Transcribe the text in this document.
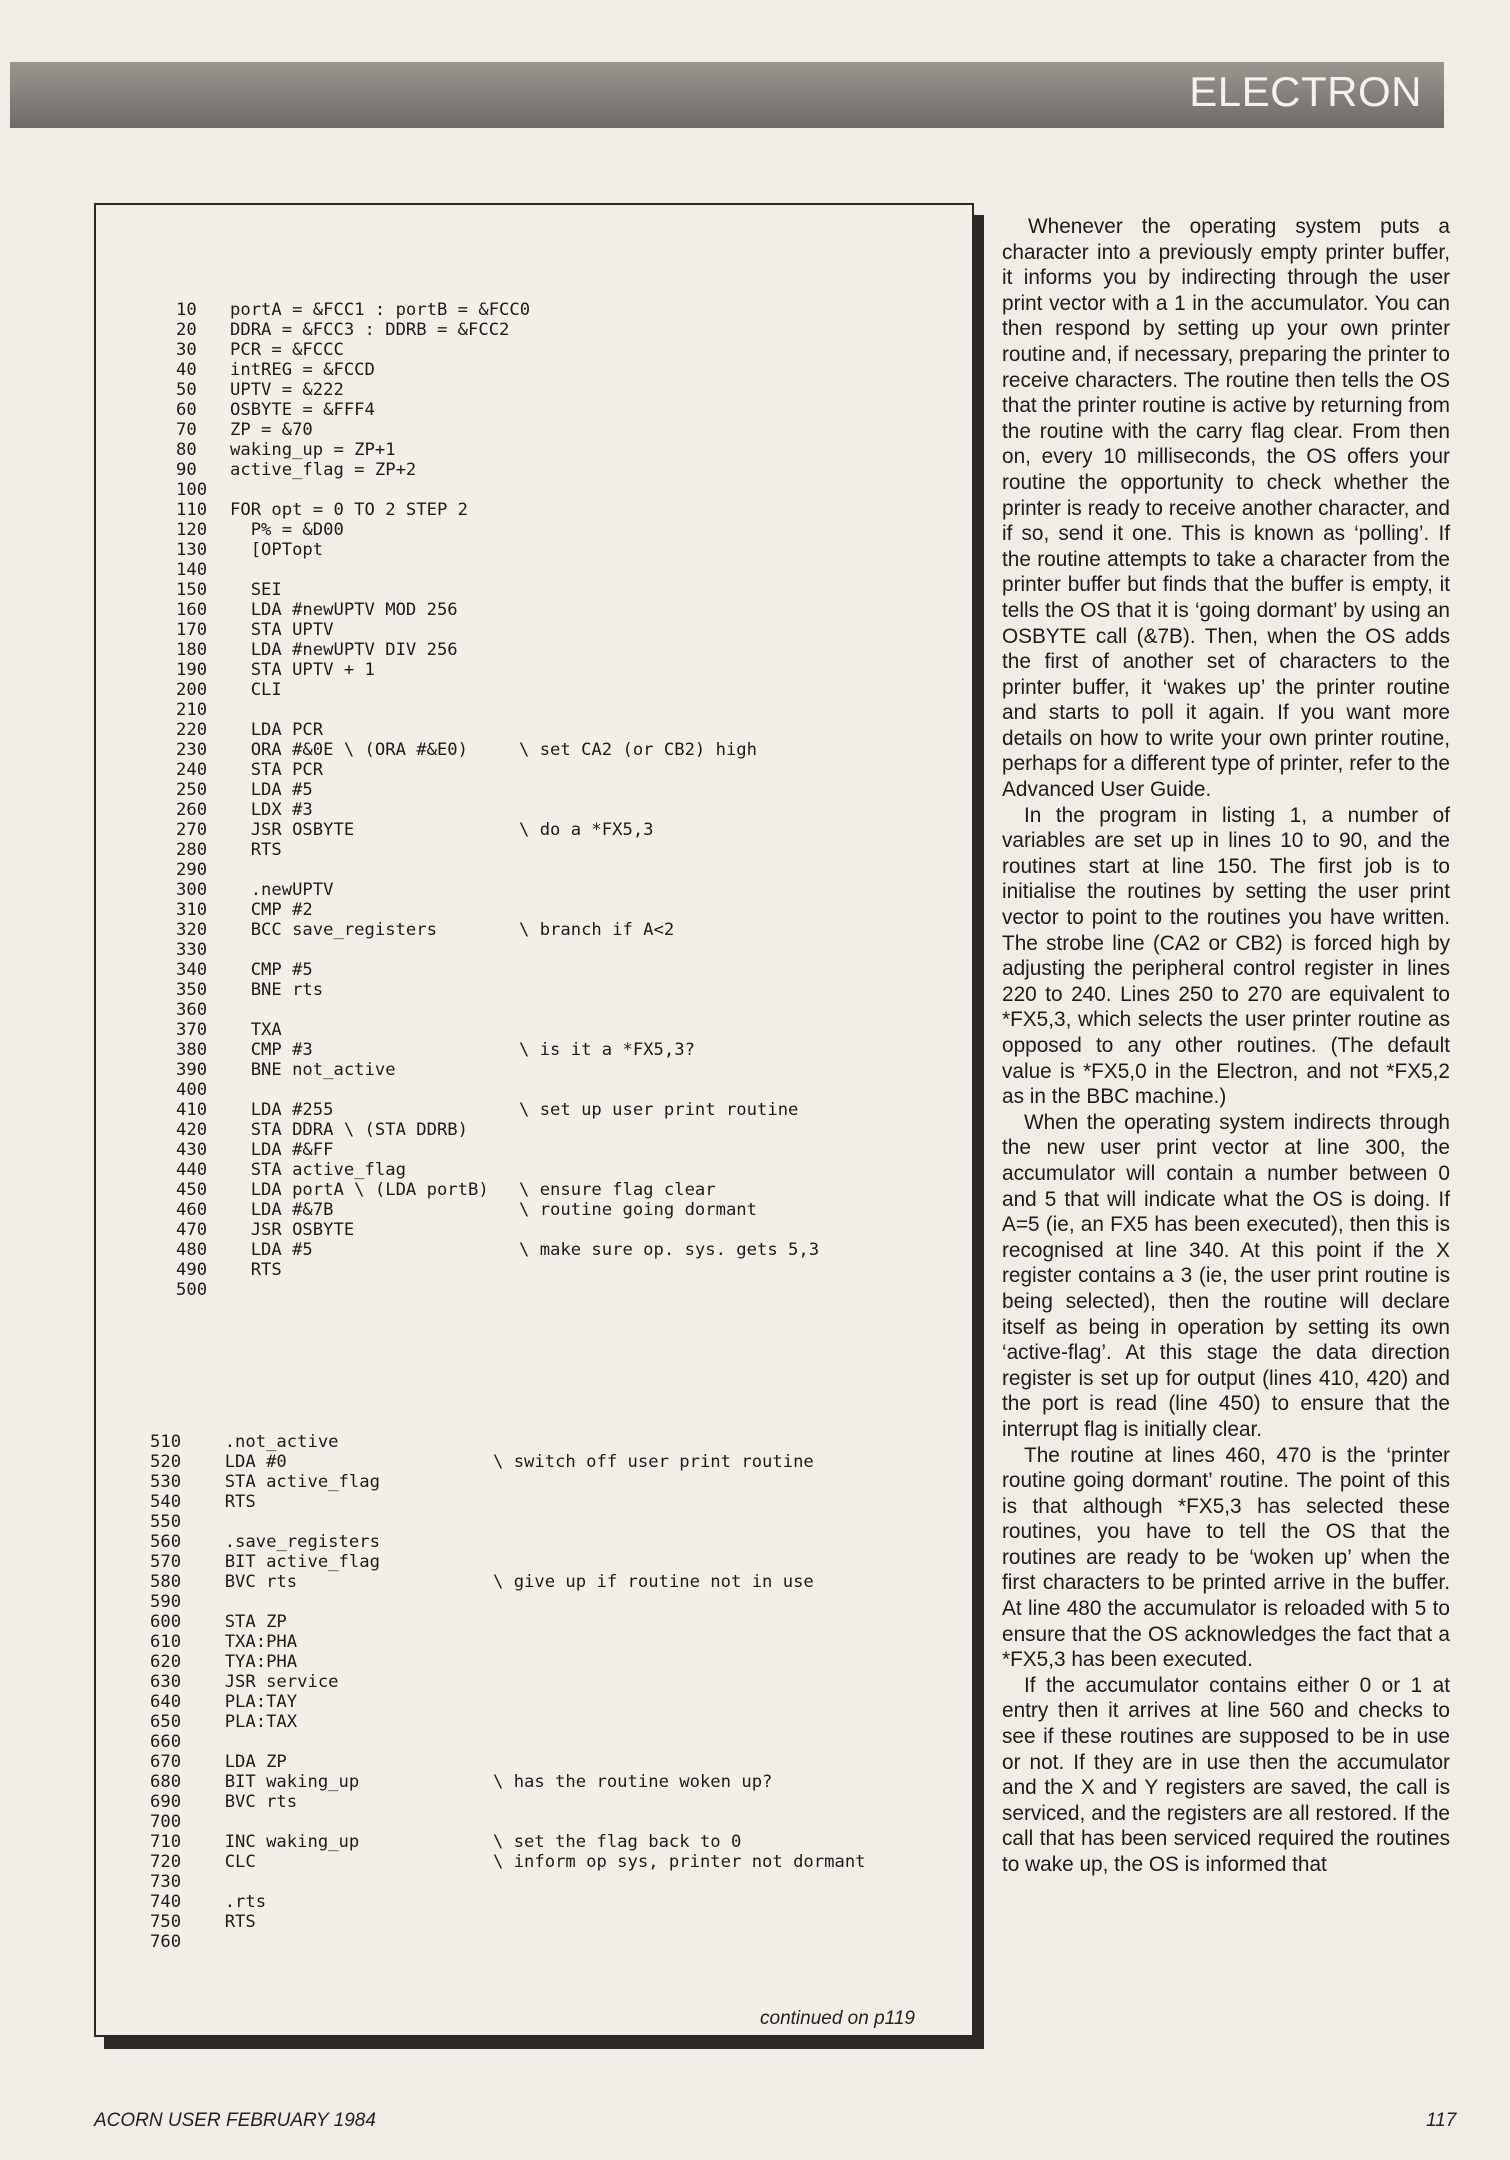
ELECTRON
10 portA = &FCC1 : portB = &FCC0
20 DDRA = &FCC3 : DDRB = &FCC2
30 PCR = &FCCC
40 intREG = &FCCD
50 UPTV = &222
60 OSBYTE = &FFF4
70 ZP = &70
80 waking_up = ZP+1
90 active_flag = ZP+2
100
110 FOR opt = 0 TO 2 STEP 2
120 P% = &D00
130 [OPTopt
140
150 SEI
160 LDA #newUPTV MOD 256
170 STA UPTV
180 LDA #newUPTV DIV 256
190 STA UPTV + 1
200 CLI
210
220 LDA PCR
230 ORA #&0E \ (ORA #&E0)	\ set CA2 (or CB2) high
240 STA PCR
250 LDA #5
260 LDX #3
270 JSR OSBYTE	\ do a *FX5,3
280 RTS
290
300 .newUPTV
310 CMP #2
320 BCC save_registers	\ branch if A<2
330
340 CMP #5
350 BNE rts
360
370 TXA
380 CMP #3	\ is it a *FX5,3?
390 BNE not_active
400
410 LDA #255	\ set up user print routine
420 STA DDRA \ (STA DDRB)
430 LDA #&FF
440 STA active_flag
450 LDA portA \ (LDA portB) \ ensure flag clear
460 LDA #&7B	\ routine going dormant
470 JSR OSBYTE
480 LDA #5	\ make sure op. sys. gets 5,3
490 RTS
500
510 .not_active
520 LDA #0	\ switch off user print routine
530 STA active_flag
540 RTS
550
560 .save_registers
570 BIT active_flag
580 BVC rts	\ give up if routine not in use
590
600 STA ZP
610 TXA:PHA
620 TYA:PHA
630 JSR service
640 PLA:TAY
650 PLA:TAX
660
670 LDA ZP
680 BIT waking_up	\ has the routine woken up?
690 BVC rts
700
710 INC waking_up	\ set the flag back to 0
720 CLC	\ inform op sys, printer not dormant
730
740 .rts
750 RTS
760
continued on p119

Whenever the operating system puts a character into a previously empty printer buffer, it informs you by indirecting through the user print vector with a 1 in the accumulator. You can then respond by setting up your own printer routine and, if necessary, preparing the printer to receive characters. The routine then tells the OS that the printer routine is active by returning from the routine with the carry flag clear. From then on, every 10 milliseconds, the OS offers your routine the opportunity to check whether the printer is ready to receive another character, and if so, send it one. This is known as ‘polling’. If the routine attempts to take a character from the printer buffer but finds that the buffer is empty, it tells the OS that it is ‘going dormant’ by using an OSBYTE call (&7B). Then, when the OS adds the first of another set of characters to the printer buffer, it ‘wakes up’ the printer routine and starts to poll it again. If you want more details on how to write your own printer routine, perhaps for a different type of printer, refer to the Advanced User Guide.

In the program in listing 1, a number of variables are set up in lines 10 to 90, and the routines start at line 150. The first job is to initialise the routines by setting the user print vector to point to the routines you have written. The strobe line (CA2 or CB2) is forced high by adjusting the peripheral control register in lines 220 to 240. Lines 250 to 270 are equivalent to *FX5,3, which selects the user printer routine as opposed to any other routines. (The default value is *FX5,0 in the Electron, and not *FX5,2 as in the BBC machine.)

When the operating system indirects through the new user print vector at line 300, the accumulator will contain a number between 0 and 5 that will indicate what the OS is doing. If A=5 (ie, an FX5 has been executed), then this is recognised at line 340. At this point if the X register contains a 3 (ie, the user print routine is being selected), then the routine will declare itself as being in operation by setting its own ‘active-flag’. At this stage the data direction register is set up for output (lines 410, 420) and the port is read (line 450) to ensure that the interrupt flag is initially clear.

The routine at lines 460, 470 is the ‘printer routine going dormant’ routine. The point of this is that although *FX5,3 has selected these routines, you have to tell the OS that the routines are ready to be ‘woken up’ when the first characters to be printed arrive in the buffer. At line 480 the accumulator is reloaded with 5 to ensure that the OS acknowledges the fact that a *FX5,3 has been executed.

If the accumulator contains either 0 or 1 at entry then it arrives at line 560 and checks to see if these routines are supposed to be in use or not. If they are in use then the accumulator and the X and Y registers are saved, the call is serviced, and the registers are all restored. If the call that has been serviced required the routines to wake up, the OS is informed that

ACORN USER FEBRUARY 1984	117
